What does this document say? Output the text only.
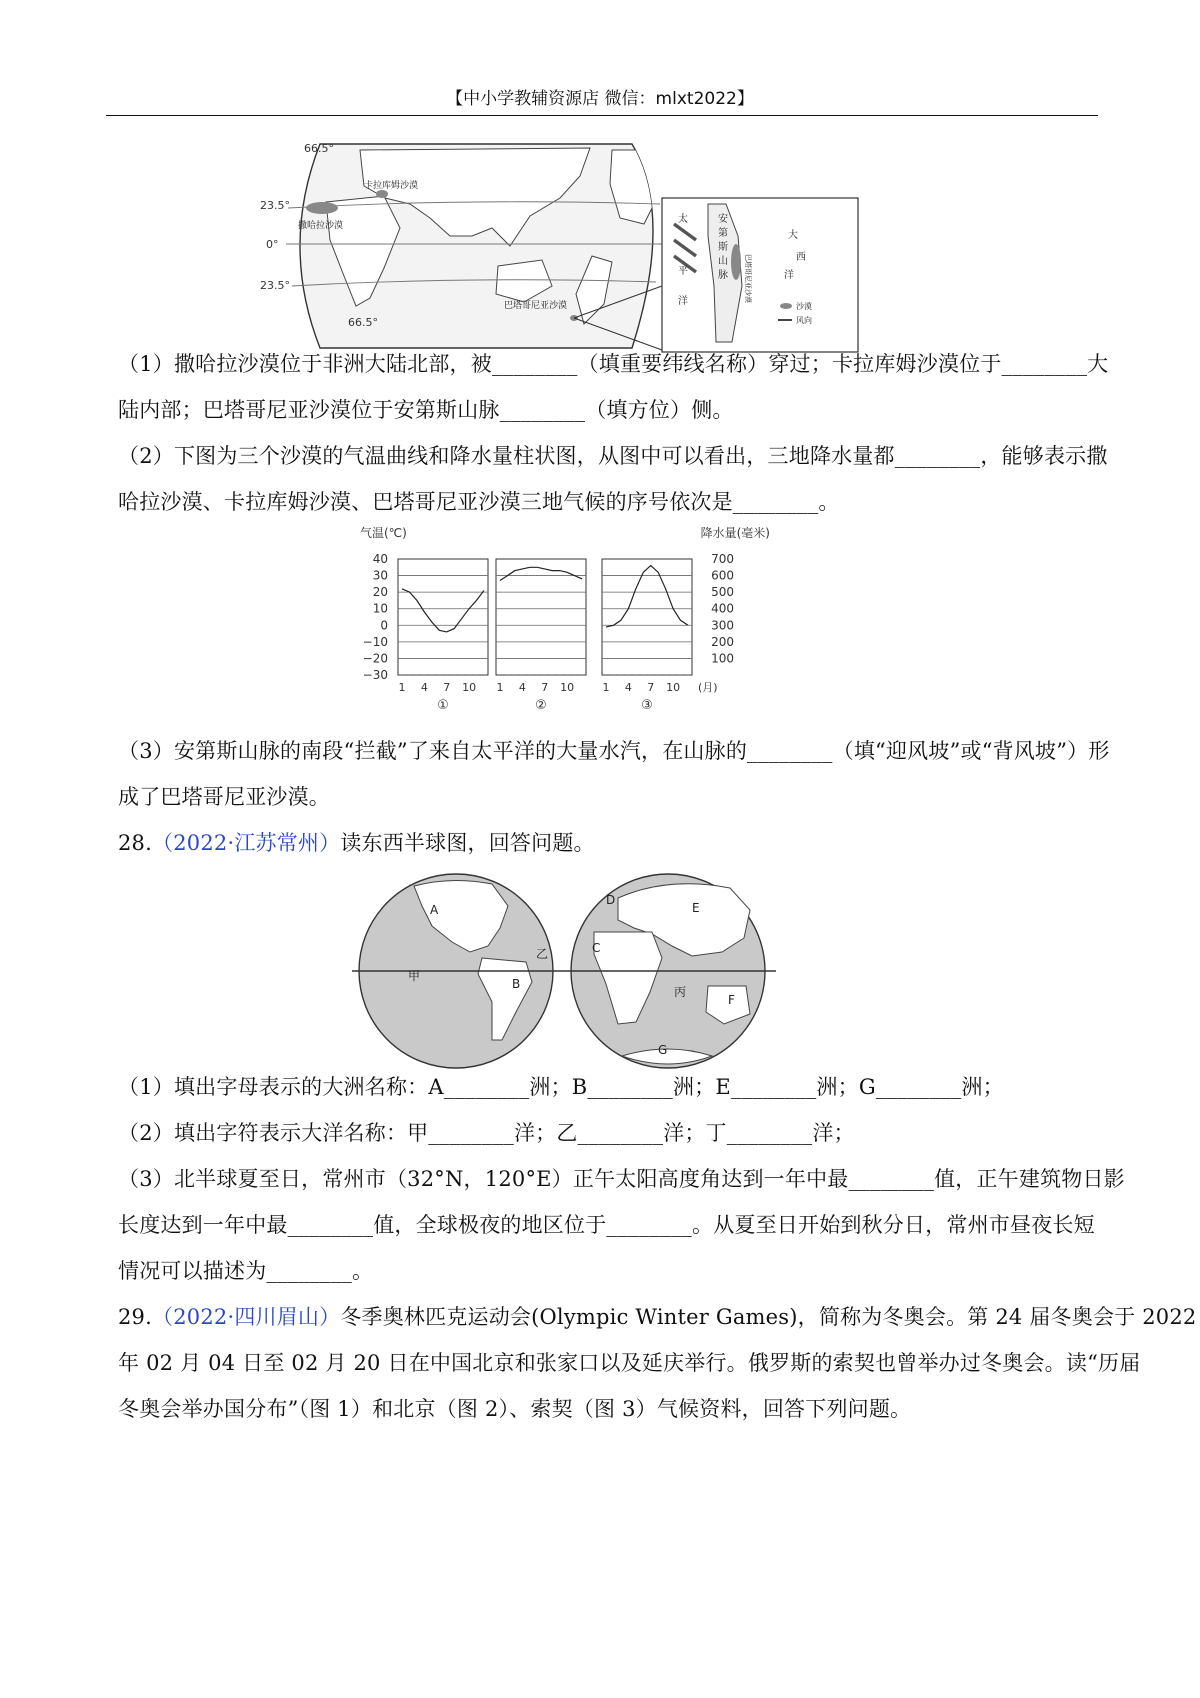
【中小学教辅资源店 微信：mlxt2022】
66.5°
23.5°
0°
23.5°
66.5°
卡拉库姆沙漠
撒哈拉沙漠
巴塔哥尼亚沙漠
太
平
洋
安
第
斯
山
脉
大
西
洋
巴塔哥尼亚沙漠
沙漠
风向
（1）撒哈拉沙漠位于非洲大陆北部，被________（填重要纬线名称）穿过；卡拉库姆沙漠位于________大
陆内部；巴塔哥尼亚沙漠位于安第斯山脉________（填方位）侧。
（2）下图为三个沙漠的气温曲线和降水量柱状图，从图中可以看出，三地降水量都________，能够表示撒
哈拉沙漠、卡拉库姆沙漠、巴塔哥尼亚沙漠三地气候的序号依次是________。
气温(℃)	降水量(毫米)
40
30
20
10
0
−10
−20
−30
700
600
500
400
300
200
100
1 4 7 10
①
1 4 7 10
②
1 4 7 10
③
(月)
（3）安第斯山脉的南段“拦截”了来自太平洋的大量水汽，在山脉的________（填“迎风坡”或“背风坡”）形
成了巴塔哥尼亚沙漠。
28.（2022·江苏常州）读东西半球图，回答问题。
A
B
甲
乙	C
D
E
F
G
丙
（1）填出字母表示的大洲名称：A________洲；B________洲；E________洲；G________洲；
（2）填出字符表示大洋名称：甲________洋；乙________洋；丁________洋；
（3）北半球夏至日，常州市（32°N，120°E）正午太阳高度角达到一年中最________值，正午建筑物日影
长度达到一年中最________值，全球极夜的地区位于________。从夏至日开始到秋分日，常州市昼夜长短
情况可以描述为________。
29.（2022·四川眉山）冬季奥林匹克运动会(Olympic Winter Games)，简称为冬奥会。第 24 届冬奥会于 2022
年 02 月 04 日至 02 月 20 日在中国北京和张家口以及延庆举行。俄罗斯的索契也曾举办过冬奥会。读“历届
冬奥会举办国分布”（图 1）和北京（图 2）、索契（图 3）气候资料，回答下列问题。
